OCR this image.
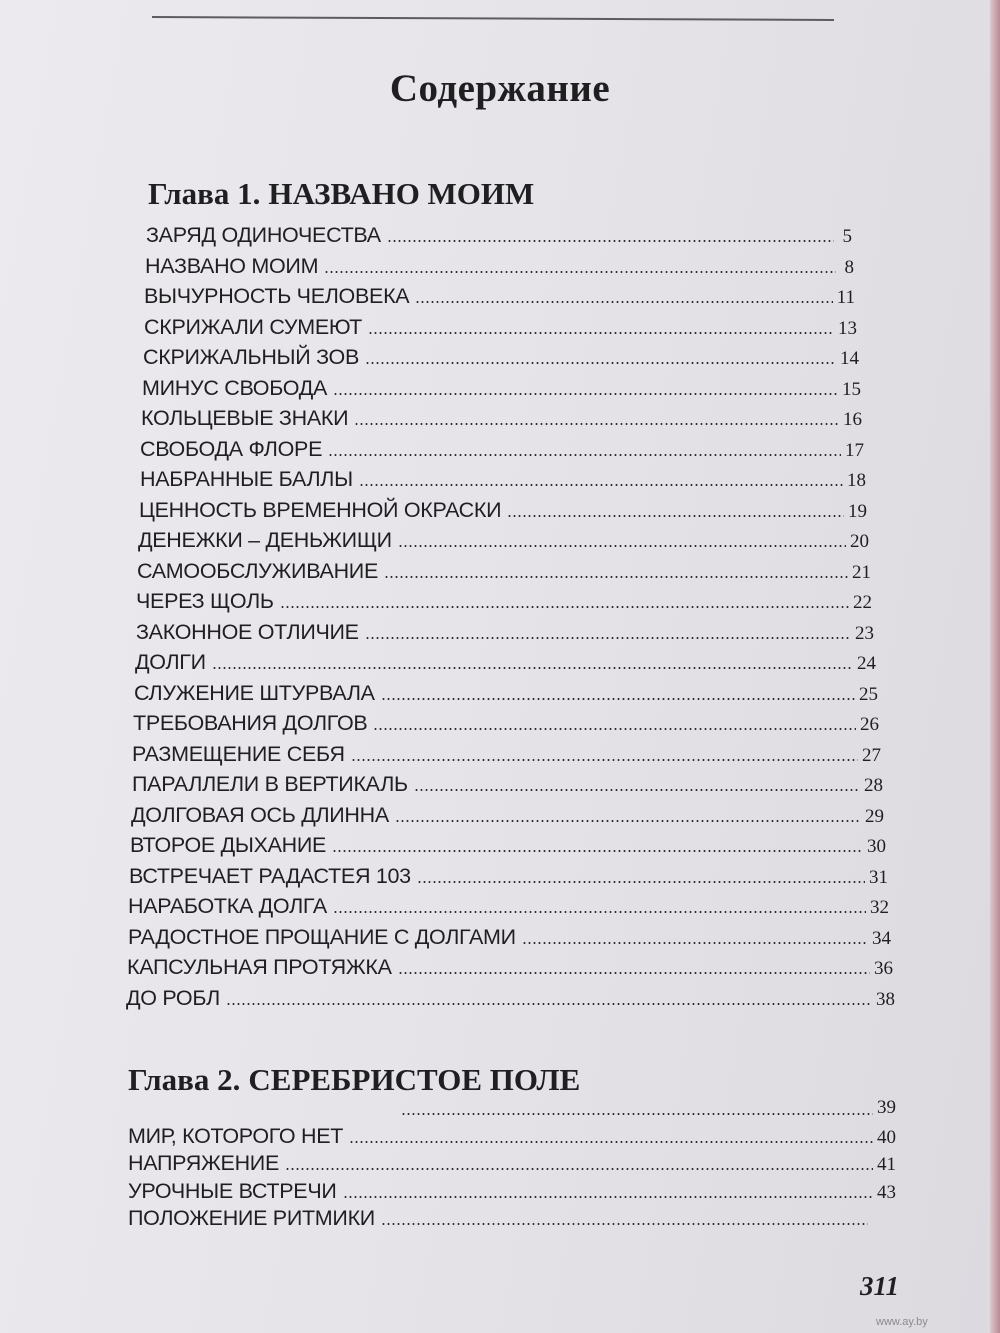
Содержание
Глава 1. НАЗВАНО МОИМ
ЗАРЯД ОДИНОЧЕСТВА	5
НАЗВАНО МОИМ	8
ВЫЧУРНОСТЬ ЧЕЛОВЕКА	11
СКРИЖАЛИ СУМЕЮТ	13
СКРИЖАЛЬНЫЙ ЗОВ	14
МИНУС СВОБОДА	15
КОЛЬЦЕВЫЕ ЗНАКИ	16
СВОБОДА ФЛОРЕ	17
НАБРАННЫЕ БАЛЛЫ	18
ЦЕННОСТЬ ВРЕМЕННОЙ ОКРАСКИ	19
ДЕНЕЖКИ – ДЕНЬЖИЩИ	20
САМООБСЛУЖИВАНИЕ	21
ЧЕРЕЗ ЩОЛЬ	22
ЗАКОННОЕ ОТЛИЧИЕ	23
ДОЛГИ	24
СЛУЖЕНИЕ ШТУРВАЛА	25
ТРЕБОВАНИЯ ДОЛГОВ	26
РАЗМЕЩЕНИЕ СЕБЯ	27
ПАРАЛЛЕЛИ В ВЕРТИКАЛЬ	28
ДОЛГОВАЯ ОСЬ ДЛИННА	29
ВТОРОЕ ДЫХАНИЕ	30
ВСТРЕЧАЕТ РАДАСТЕЯ 103	31
НАРАБОТКА ДОЛГА	32
РАДОСТНОЕ ПРОЩАНИЕ С ДОЛГАМИ	34
КАПСУЛЬНАЯ ПРОТЯЖКА	36
ДО РОБЛ	38
Глава 2. СЕРЕБРИСТОЕ ПОЛЕ
39
МИР, КОТОРОГО НЕТ	40
НАПРЯЖЕНИЕ	41
УРОЧНЫЕ ВСТРЕЧИ	43
ПОЛОЖЕНИЕ РИТМИКИ
311
www.ay.by
